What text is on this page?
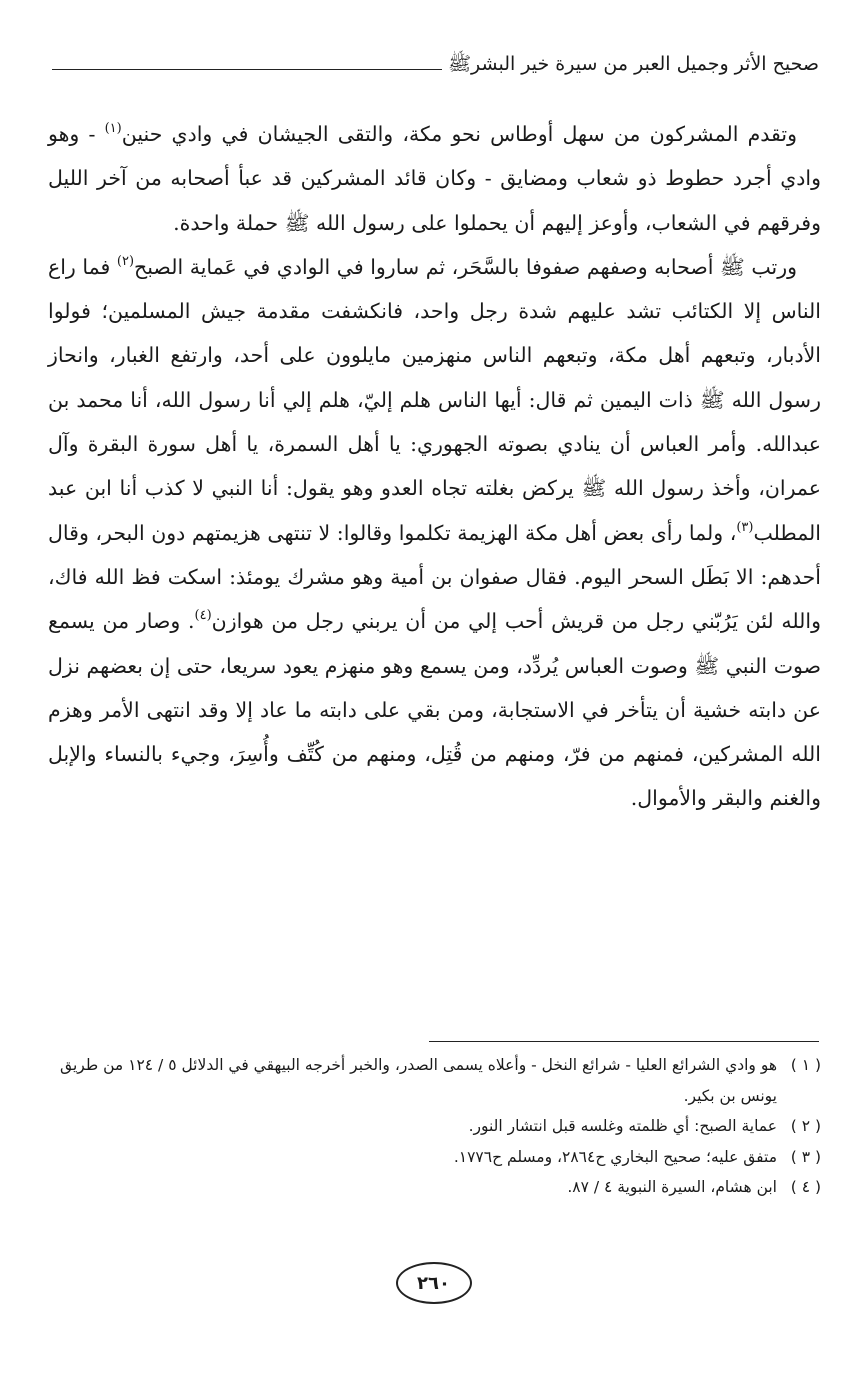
صحيح الأثر وجميل العبر من سيرة خير البشرﷺ

وتقدم المشركون من سهل أوطاس نحو مكة، والتقى الجيشان في وادي حنين$^{(١)}$ - وهو وادي أجرد حطوط ذو شعاب ومضايق - وكان قائد المشركين قد عبأ أصحابه من آخر الليل وفرقهم في الشعاب، وأوعز إليهم أن يحملوا على رسول الله ﷺ حملة واحدة.

ورتب ﷺ أصحابه وصفهم صفوفا بالسَّحَر، ثم ساروا في الوادي في عَماية الصبح$^{(٢)}$ فما راع الناس إلا الكتائب تشد عليهم شدة رجل واحد، فانكشفت مقدمة جيش المسلمين؛ فولوا الأدبار، وتبعهم أهل مكة، وتبعهم الناس منهزمين مايلوون على أحد، وارتفع الغبار، وانحاز رسول الله ﷺ ذات اليمين ثم قال: أيها الناس هلم إليّ، هلم إلي أنا رسول الله، أنا محمد بن عبدالله. وأمر العباس أن ينادي بصوته الجهوري: يا أهل السمرة، يا أهل سورة البقرة وآل عمران، وأخذ رسول الله ﷺ يركض بغلته تجاه العدو وهو يقول: أنا النبي لا كذب أنا ابن عبد المطلب$^{(٣)}$، ولما رأى بعض أهل مكة الهزيمة تكلموا وقالوا: لا تنتهى هزيمتهم دون البحر، وقال أحدهم: الا بَطَل السحر اليوم. فقال صفوان بن أمية وهو مشرك يومئذ: اسكت فظ الله فاك، والله لئن يَرُبّني رجل من قريش أحب إلي من أن يربني رجل من هوازن$^{(٤)}$. وصار من يسمع صوت النبي ﷺ وصوت العباس يُردِّد، ومن يسمع وهو منهزم يعود سريعا، حتى إن بعضهم نزل عن دابته خشية أن يتأخر في الاستجابة، ومن بقي على دابته ما عاد إلا وقد انتهى الأمر وهزم الله المشركين، فمنهم من فرّ، ومنهم من قُتِل، ومنهم من كُتِّف وأُسِرَ، وجيء بالنساء والإبل والغنم والبقر والأموال.

( ١ )
هو وادي الشرائع العليا - شرائع النخل - وأعلاه يسمى الصدر، والخبر أخرجه البيهقي في الدلائل ٥ / ١٢٤ من طريق يونس بن بكير.

( ٢ )
عماية الصبح: أي ظلمته وغلسه قبل انتشار النور.

( ٣ )
متفق عليه؛ صحيح البخاري ح٢٨٦٤، ومسلم ح١٧٧٦.

( ٤ )
ابن هشام، السيرة النبوية ٤ / ٨٧.

٢٦٠
